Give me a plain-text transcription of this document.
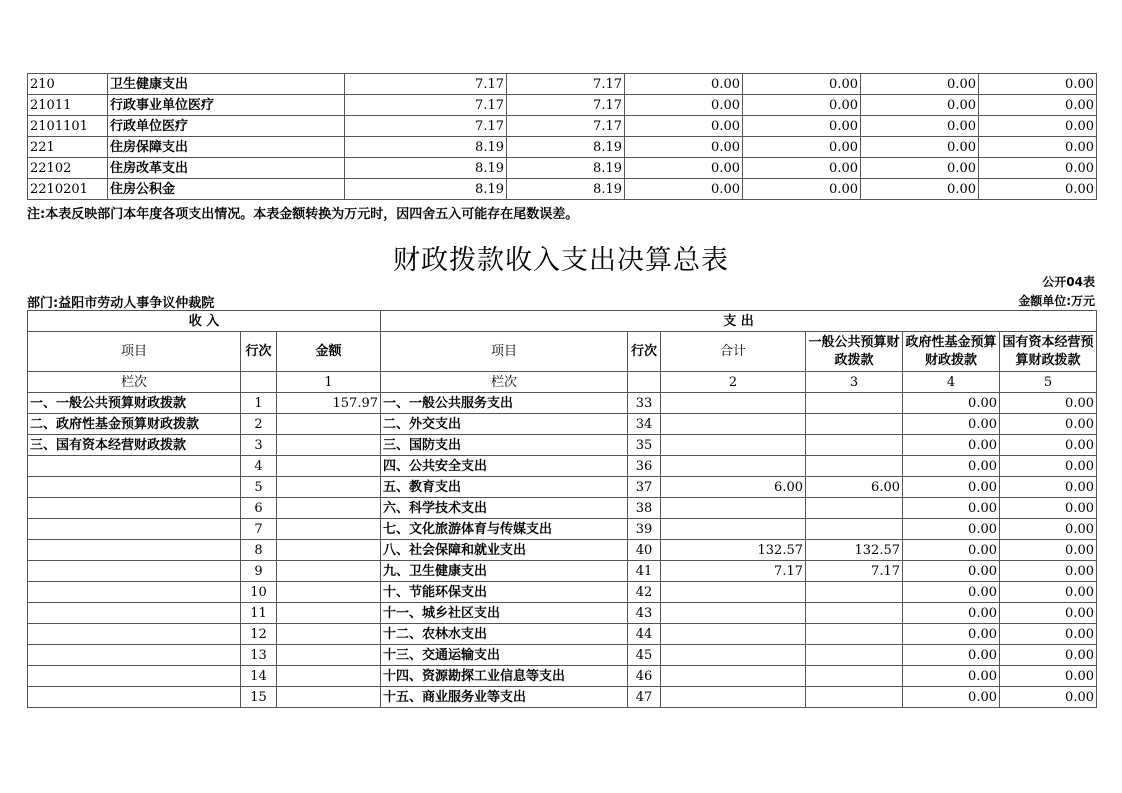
210	卫生健康支出	7.17	7.17	0.00	0.00	0.00	0.00
21011	行政事业单位医疗	7.17	7.17	0.00	0.00	0.00	0.00
2101101	行政单位医疗	7.17	7.17	0.00	0.00	0.00	0.00
221	住房保障支出	8.19	8.19	0.00	0.00	0.00	0.00
22102	住房改革支出	8.19	8.19	0.00	0.00	0.00	0.00
2210201	住房公积金	8.19	8.19	0.00	0.00	0.00	0.00
注:本表反映部门本年度各项支出情况。本表金额转换为万元时，因四舍五入可能存在尾数误差。
财政拨款收入支出决算总表
公开04表
部门:益阳市劳动人事争议仲裁院	金额单位:万元
收 入			支 出					
项目	行次	金额	项目	行次	合计	一般公共预算财政拨款	政府性基金预算财政拨款	国有资本经营预算财政拨款
栏次		1	栏次		2	3	4	5
一、一般公共预算财政拨款	1	157.97	一、一般公共服务支出	33			0.00	0.00
二、政府性基金预算财政拨款	2		二、外交支出	34			0.00	0.00
三、国有资本经营财政拨款	3		三、国防支出	35			0.00	0.00
	4		四、公共安全支出	36			0.00	0.00
	5		五、教育支出	37	6.00	6.00	0.00	0.00
	6		六、科学技术支出	38			0.00	0.00
	7		七、文化旅游体育与传媒支出	39			0.00	0.00
	8		八、社会保障和就业支出	40	132.57	132.57	0.00	0.00
	9		九、卫生健康支出	41	7.17	7.17	0.00	0.00
	10		十、节能环保支出	42			0.00	0.00
	11		十一、城乡社区支出	43			0.00	0.00
	12		十二、农林水支出	44			0.00	0.00
	13		十三、交通运输支出	45			0.00	0.00
	14		十四、资源勘探工业信息等支出	46			0.00	0.00
	15		十五、商业服务业等支出	47			0.00	0.00
